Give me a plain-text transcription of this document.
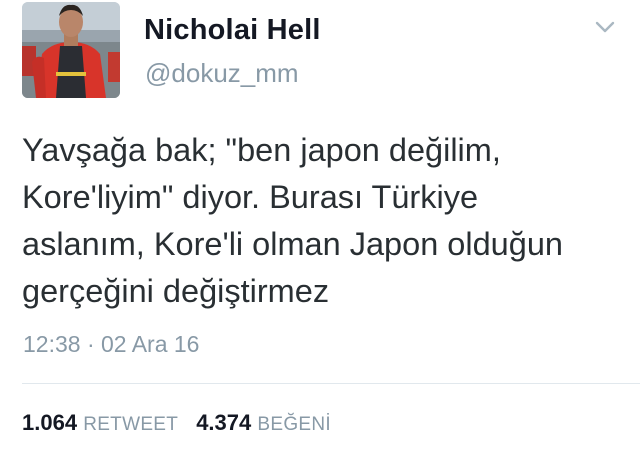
Nicholai Hell
@dokuz_mm
Yavşağa bak; "ben japon değilim,
Kore'liyim" diyor. Burası Türkiye
aslanım, Kore'li olman Japon olduğun
gerçeğini değiştirmez
12:38 · 02 Ara 16
1.064 RETWEET 4.374 BEĞENİ
